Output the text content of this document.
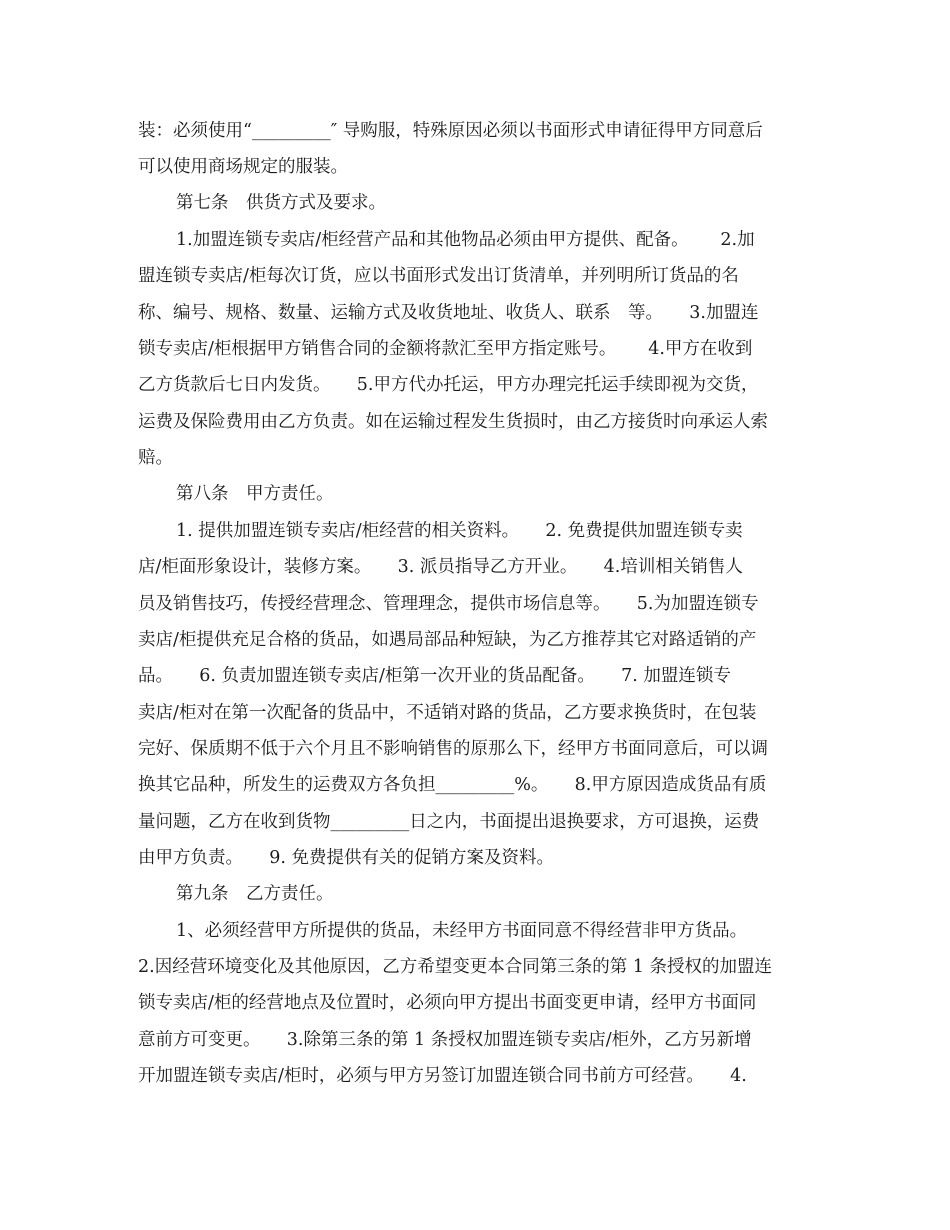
装：必须使用“_________″ 导购服，特殊原因必须以书面形式申请征得甲方同意后
可以使用商场规定的服装。
第七条　供货方式及要求。
1.加盟连锁专卖店/柜经营产品和其他物品必须由甲方提供、配备。　　 2.加
盟连锁专卖店/柜每次订货，应以书面形式发出订货清单，并列明所订货品的名
称、编号、规格、数量、运输方式及收货地址、收货人、联系　等。　　3.加盟连
锁专卖店/柜根据甲方销售合同的金额将款汇至甲方指定账号。　　 4.甲方在收到
乙方货款后七日内发货。　　5.甲方代办托运，甲方办理完托运手续即视为交货，
运费及保险费用由乙方负责。如在运输过程发生货损时，由乙方接货时向承运人索
赔。
第八条　甲方责任。
1. 提供加盟连锁专卖店/柜经营的相关资料。　　2. 免费提供加盟连锁专卖
店/柜面形象设计，装修方案。　　3. 派员指导乙方开业。　　4.培训相关销售人
员及销售技巧，传授经营理念、管理理念，提供市场信息等。　　5.为加盟连锁专
卖店/柜提供充足合格的货品，如遇局部品种短缺，为乙方推荐其它对路适销的产
品。　　6. 负责加盟连锁专卖店/柜第一次开业的货品配备。　　7. 加盟连锁专
卖店/柜对在第一次配备的货品中，不适销对路的货品，乙方要求换货时，在包装
完好、保质期不低于六个月且不影响销售的原那么下，经甲方书面同意后，可以调
换其它品种，所发生的运费双方各负担_________%。　　8.甲方原因造成货品有质
量问题，乙方在收到货物_________日之内，书面提出退换要求，方可退换，运费
由甲方负责。　　9. 免费提供有关的促销方案及资料。
第九条　乙方责任。
1、必须经营甲方所提供的货品，未经甲方书面同意不得经营非甲方货品。
2.因经营环境变化及其他原因，乙方希望变更本合同第三条的第 1 条授权的加盟连
锁专卖店/柜的经营地点及位置时，必须向甲方提出书面变更申请，经甲方书面同
意前方可变更。　　3.除第三条的第 1 条授权加盟连锁专卖店/柜外，乙方另新增
开加盟连锁专卖店/柜时，必须与甲方另签订加盟连锁合同书前方可经营。　　4.
